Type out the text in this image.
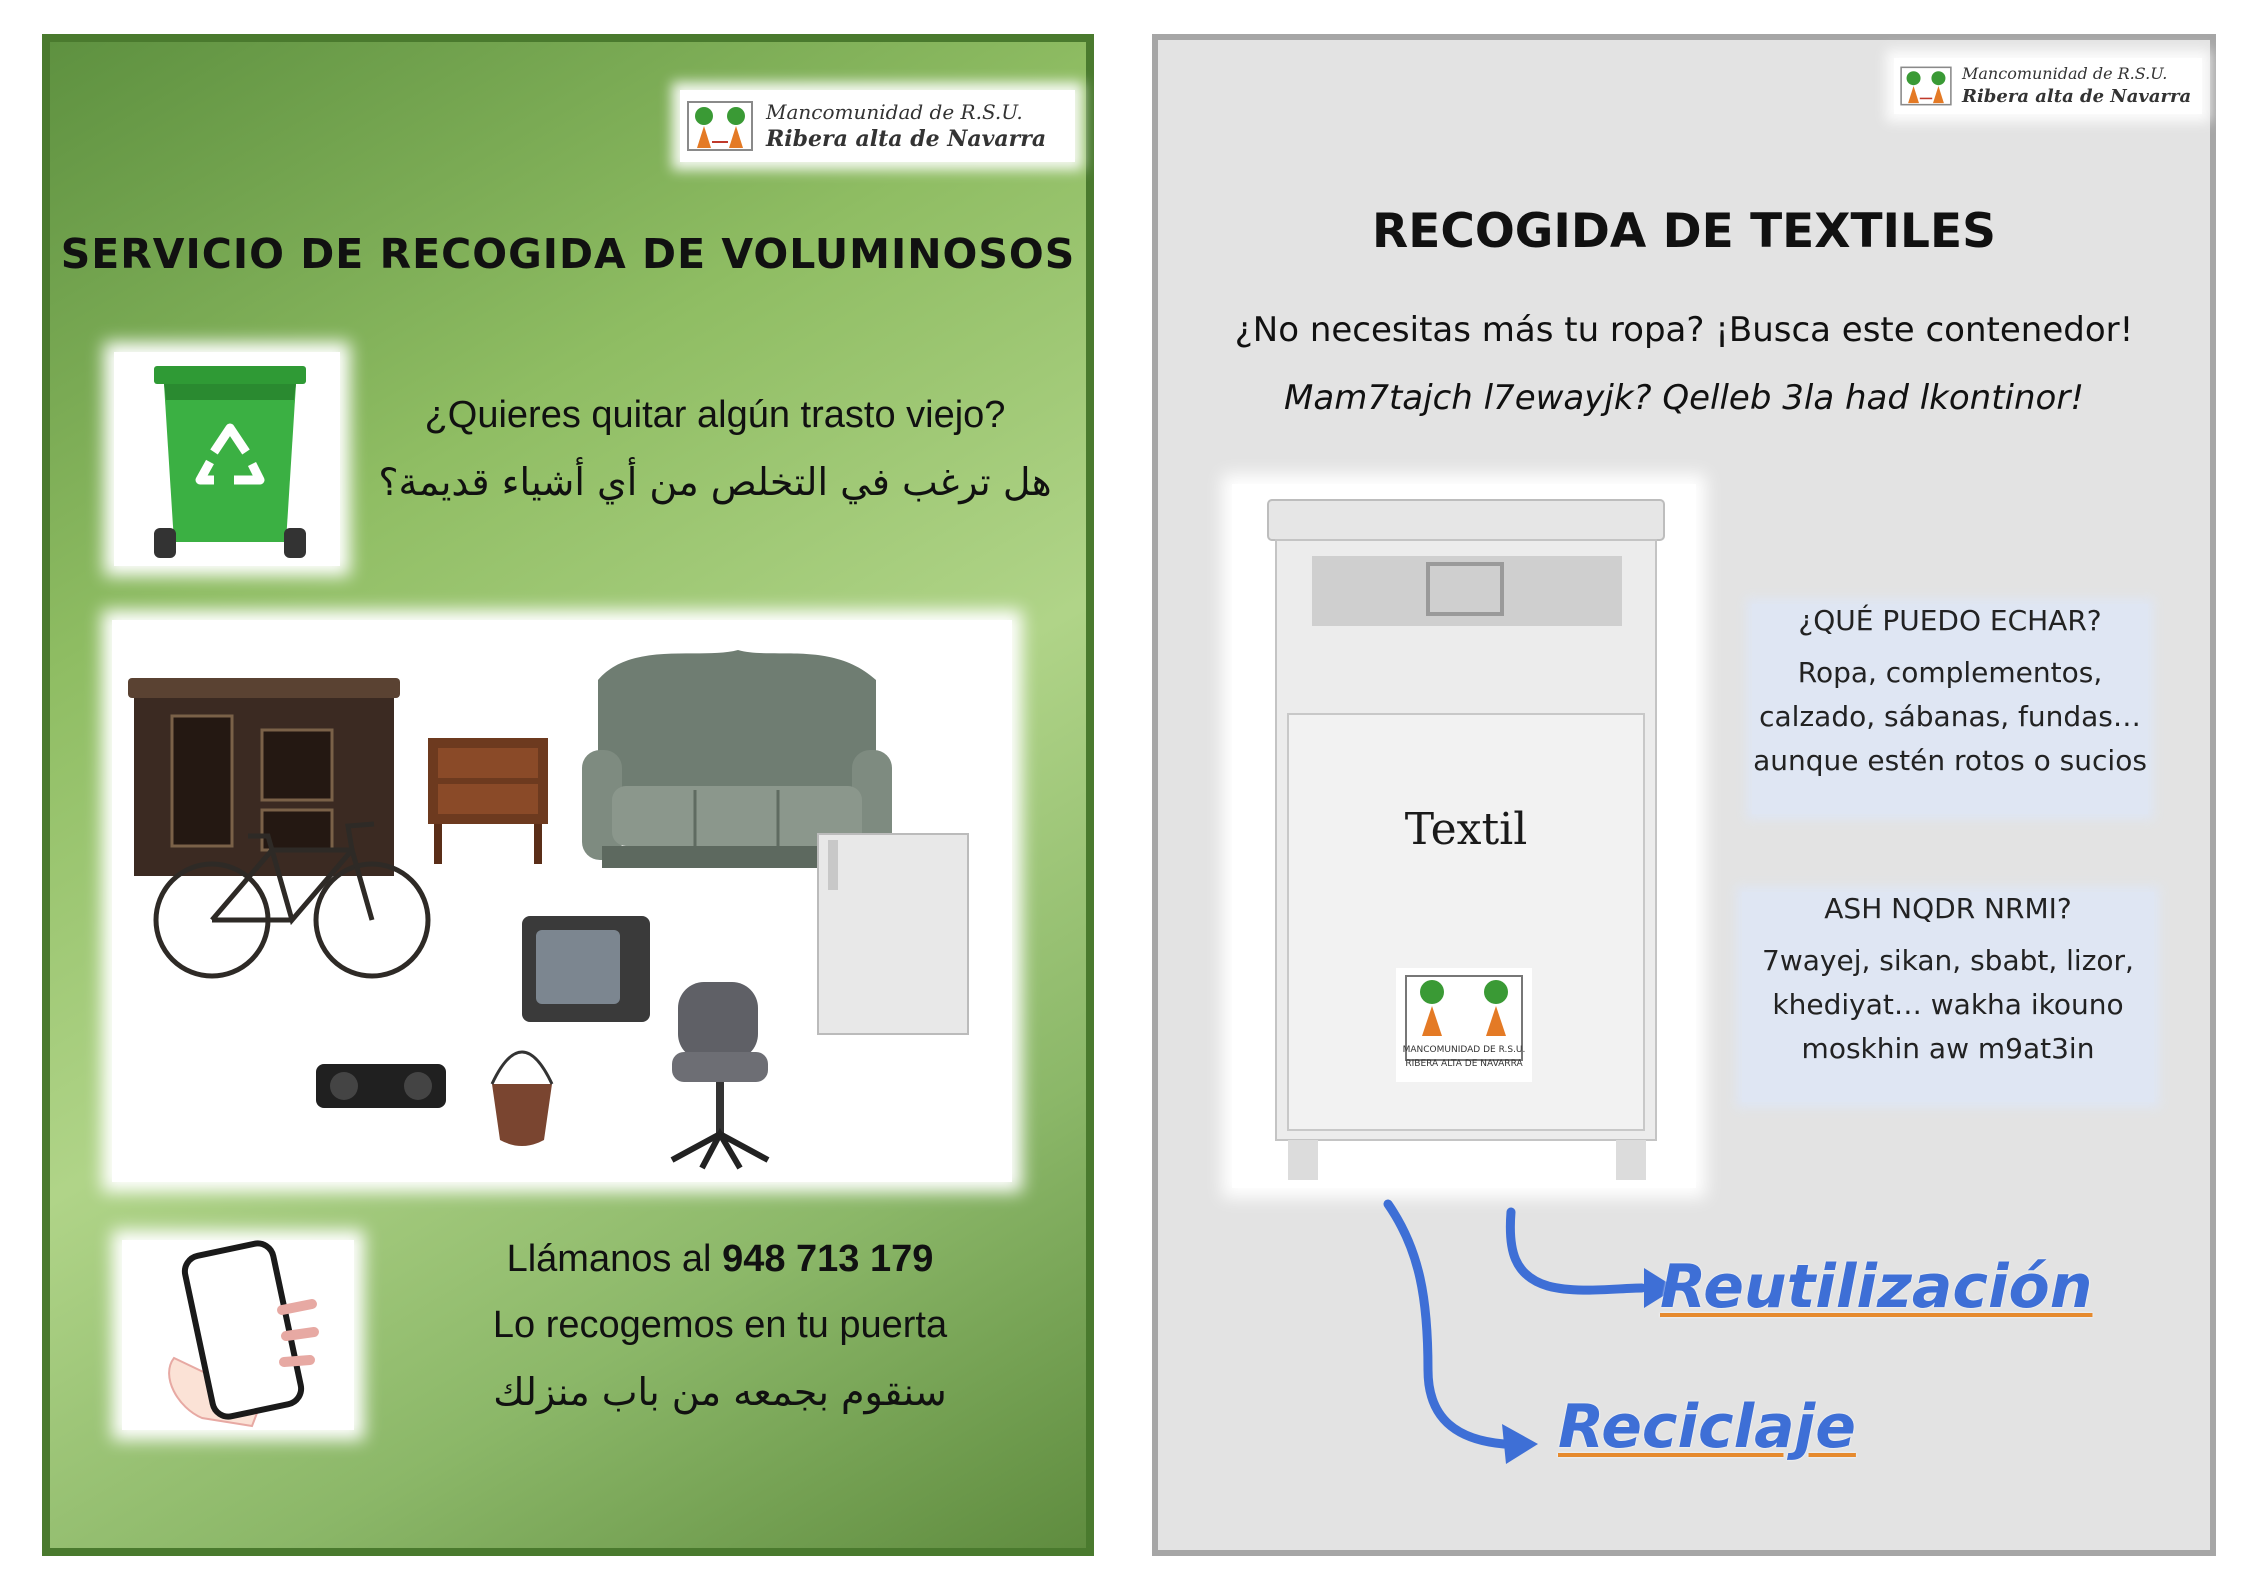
Mancomunidad de R.S.U.
Ribera alta de Navarra
SERVICIO DE RECOGIDA DE VOLUMINOSOS
¿Quieres quitar algún trasto viejo?
هل ترغب في التخلص من أي أشياء قديمة؟
Llámanos al 948 713 179
Lo recogemos en tu puerta
سنقوم بجمعه من باب منزلك
Mancomunidad de R.S.U.
Ribera alta de Navarra
RECOGIDA DE TEXTILES
¿No necesitas más tu ropa? ¡Busca este contenedor!
Mam7tajch l7ewayjk? Qelleb 3la had lkontinor!
Textil
MANCOMUNIDAD DE R.S.U.
RIBERA ALTA DE NAVARRA
¿QUÉ PUEDO ECHAR?
Ropa, complementos,
calzado, sábanas, fundas…
aunque estén rotos o sucios
ASH NQDR NRMI?
7wayej, sikan, sbabt, lizor,
khediyat… wakha ikouno
moskhin aw m9at3in
Reutilización
Reciclaje
